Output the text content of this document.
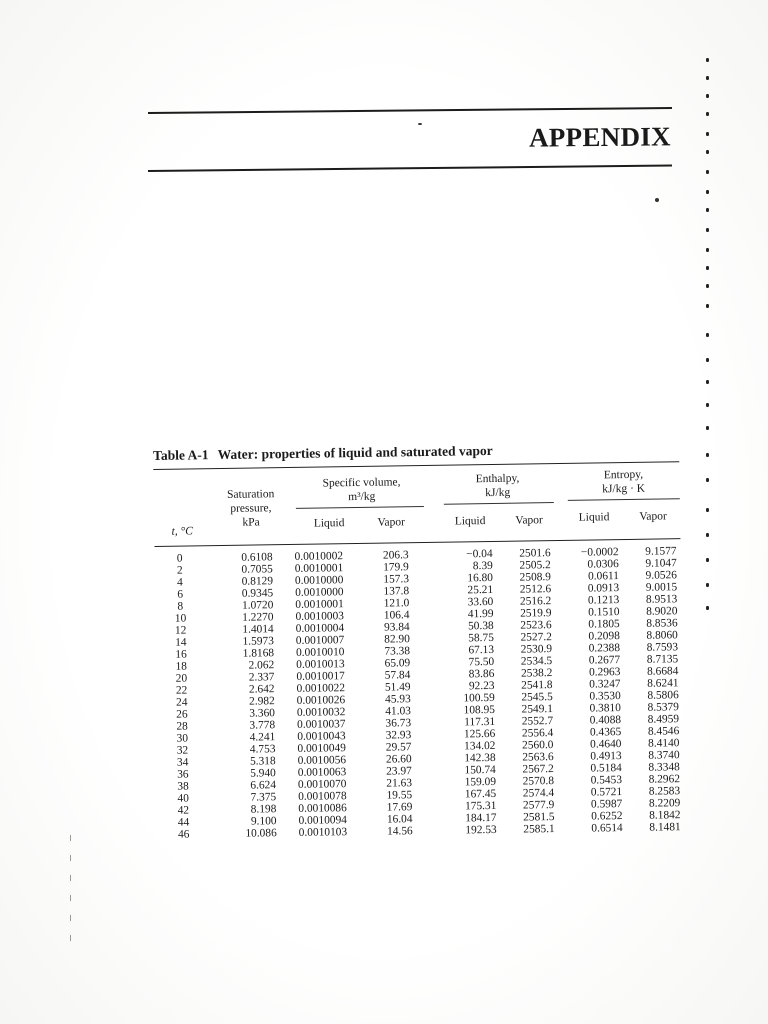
APPENDIX
Table A-1 Water: properties of liquid and saturated vapor
t, °C
Saturation
pressure,
kPa
Specific volume,
m³/kg
Liquid	Vapor
Enthalpy,
kJ/kg
Liquid	Vapor
Entropy,
kJ/kg · K
Liquid	Vapor
0	0.6108 0.0010002	206.3	−0.04	2501.6	−0.0002	9.1577
2	0.7055 0.0010001	179.9	8.39	2505.2	0.0306	9.1047
4	0.8129 0.0010000	157.3	16.80	2508.9	0.0611	9.0526
6	0.9345 0.0010000	137.8	25.21	2512.6	0.0913	9.0015
8	1.0720 0.0010001	121.0	33.60	2516.2	0.1213	8.9513
10	1.2270 0.0010003	106.4	41.99	2519.9	0.1510	8.9020
12	1.4014 0.0010004	93.84	50.38	2523.6	0.1805	8.8536
14	1.5973 0.0010007	82.90	58.75	2527.2	0.2098	8.8060
16	1.8168 0.0010010	73.38	67.13	2530.9	0.2388	8.7593
18	2.062 0.0010013	65.09	75.50	2534.5	0.2677	8.7135
20	2.337 0.0010017	57.84	83.86	2538.2	0.2963	8.6684
22	2.642 0.0010022	51.49	92.23	2541.8	0.3247	8.6241
24	2.982 0.0010026	45.93	100.59	2545.5	0.3530	8.5806
26	3.360 0.0010032	41.03	108.95	2549.1	0.3810	8.5379
28	3.778 0.0010037	36.73	117.31	2552.7	0.4088	8.4959
30	4.241 0.0010043	32.93	125.66	2556.4	0.4365	8.4546
32	4.753 0.0010049	29.57	134.02	2560.0	0.4640	8.4140
34	5.318 0.0010056	26.60	142.38	2563.6	0.4913	8.3740
36	5.940 0.0010063	23.97	150.74	2567.2	0.5184	8.3348
38	6.624 0.0010070	21.63	159.09	2570.8	0.5453	8.2962
40	7.375 0.0010078	19.55	167.45	2574.4	0.5721	8.2583
42	8.198 0.0010086	17.69	175.31	2577.9	0.5987	8.2209
44	9.100 0.0010094	16.04	184.17	2581.5	0.6252	8.1842
46	10.086 0.0010103	14.56	192.53	2585.1	0.6514	8.1481
